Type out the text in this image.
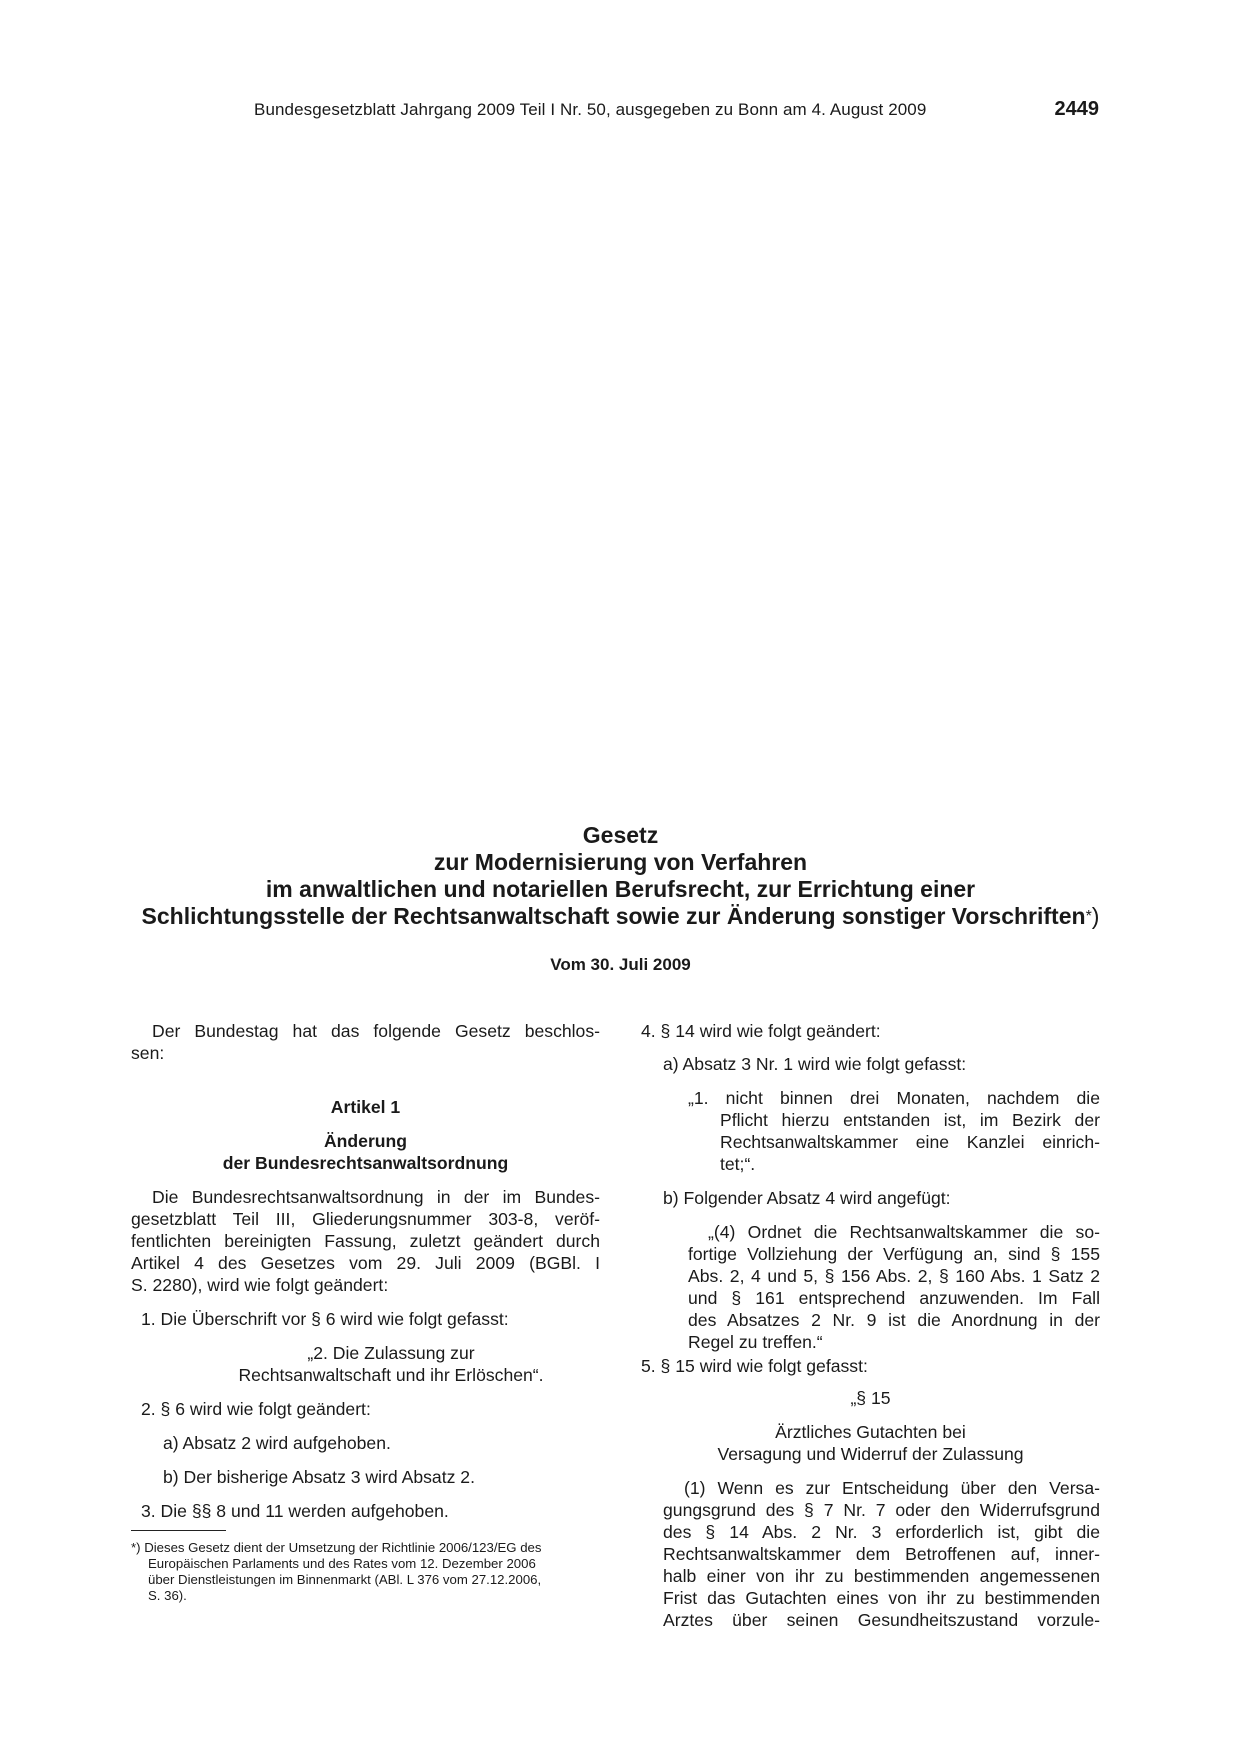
Bundesgesetzblatt Jahrgang 2009 Teil I Nr. 50, ausgegeben zu Bonn am 4. August 2009	2449
Gesetz
zur Modernisierung von Verfahren
im anwaltlichen und notariellen Berufsrecht, zur Errichtung einer
Schlichtungsstelle der Rechtsanwaltschaft sowie zur Änderung sonstiger Vorschriften*)
Vom 30. Juli 2009
Der Bundestag hat das folgende Gesetz beschlos-
sen:
Artikel 1
Änderung
der Bundesrechtsanwaltsordnung
Die Bundesrechtsanwaltsordnung in der im Bundes-
gesetzblatt Teil III, Gliederungsnummer 303-8, veröf-
fentlichten bereinigten Fassung, zuletzt geändert durch
Artikel 4 des Gesetzes vom 29. Juli 2009 (BGBl. I
S. 2280), wird wie folgt geändert:
1. Die Überschrift vor § 6 wird wie folgt gefasst:
„2. Die Zulassung zur
Rechtsanwaltschaft und ihr Erlöschen“.
2. § 6 wird wie folgt geändert:
a) Absatz 2 wird aufgehoben.
b) Der bisherige Absatz 3 wird Absatz 2.
3. Die §§ 8 und 11 werden aufgehoben.
*) Dieses Gesetz dient der Umsetzung der Richtlinie 2006/123/EG des
Europäischen Parlaments und des Rates vom 12. Dezember 2006
über Dienstleistungen im Binnenmarkt (ABl. L 376 vom 27.12.2006,
S. 36).
4. § 14 wird wie folgt geändert:
a) Absatz 3 Nr. 1 wird wie folgt gefasst:
„1. nicht binnen drei Monaten, nachdem die
Pflicht hierzu entstanden ist, im Bezirk der
Rechtsanwaltskammer eine Kanzlei einrich-
tet;“.
b) Folgender Absatz 4 wird angefügt:
„(4) Ordnet die Rechtsanwaltskammer die so-
fortige Vollziehung der Verfügung an, sind § 155
Abs. 2, 4 und 5, § 156 Abs. 2, § 160 Abs. 1 Satz 2
und § 161 entsprechend anzuwenden. Im Fall
des Absatzes 2 Nr. 9 ist die Anordnung in der
Regel zu treffen.“
5. § 15 wird wie folgt gefasst:
„§ 15
Ärztliches Gutachten bei
Versagung und Widerruf der Zulassung
(1) Wenn es zur Entscheidung über den Versa-
gungsgrund des § 7 Nr. 7 oder den Widerrufsgrund
des § 14 Abs. 2 Nr. 3 erforderlich ist, gibt die
Rechtsanwaltskammer dem Betroffenen auf, inner-
halb einer von ihr zu bestimmenden angemessenen
Frist das Gutachten eines von ihr zu bestimmenden
Arztes über seinen Gesundheitszustand vorzule-
